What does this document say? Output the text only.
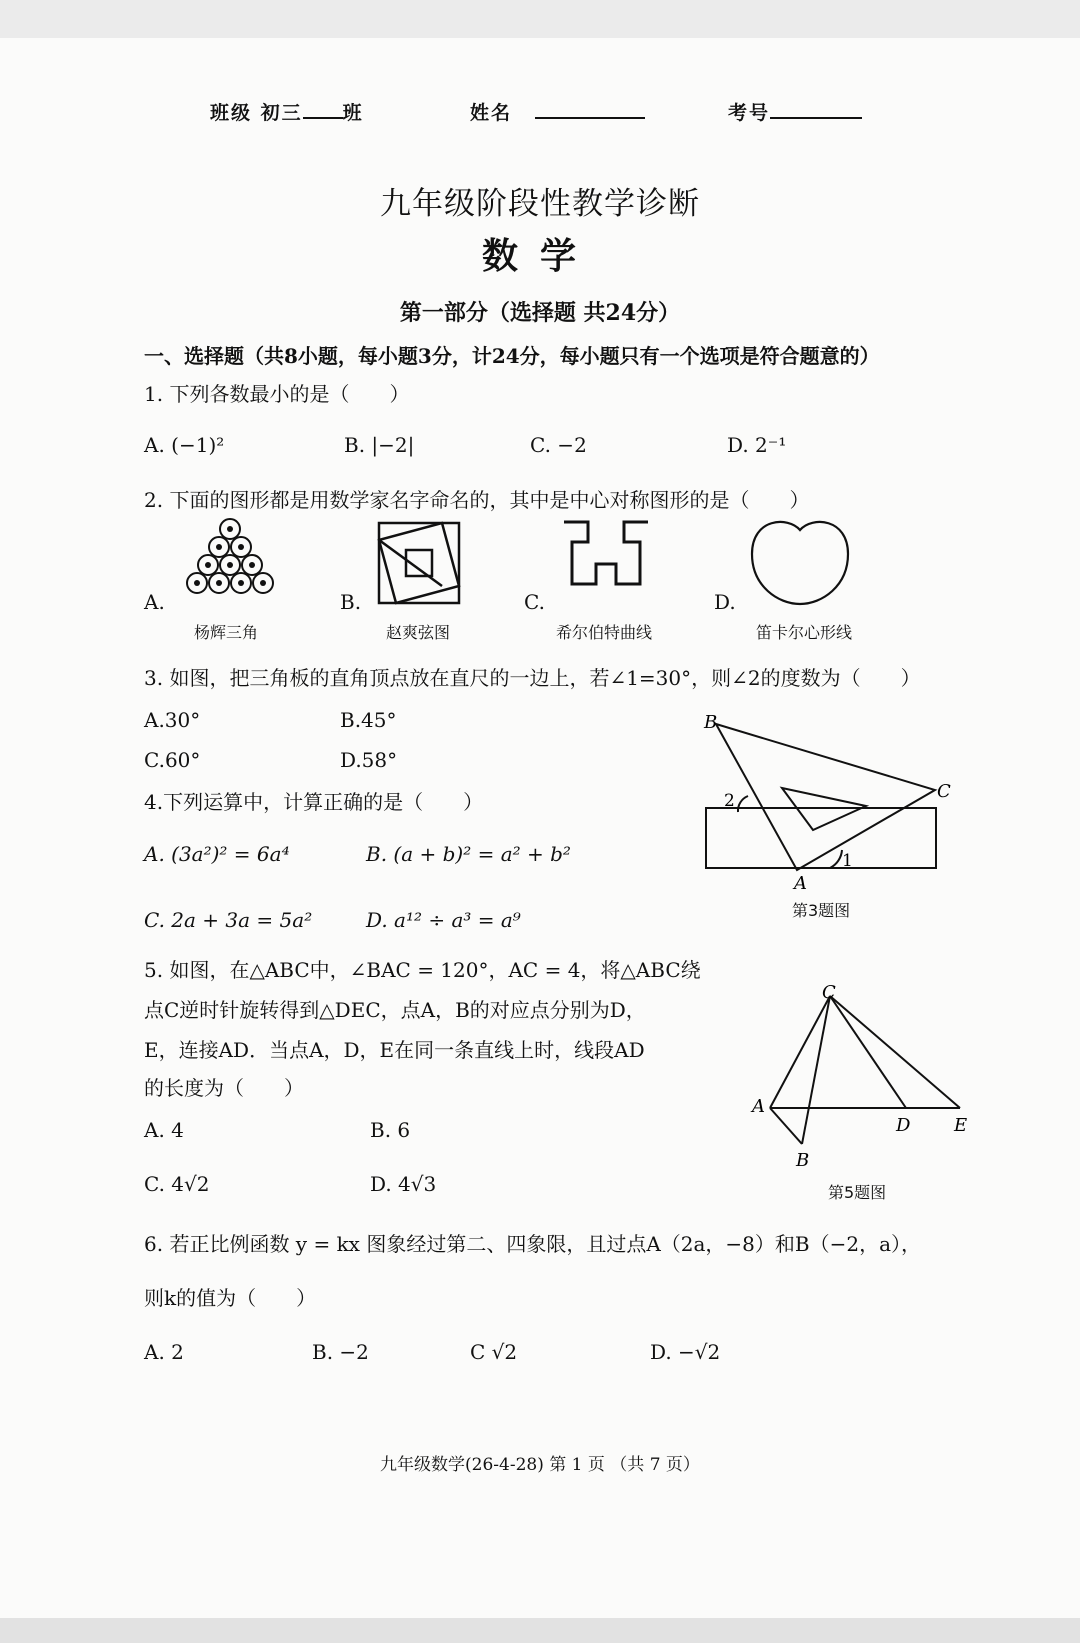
班级 初三 班	姓名	考号
九年级阶段性教学诊断
数学
第一部分（选择题 共24分）
一、选择题（共8小题，每小题3分，计24分，每小题只有一个选项是符合题意的）
1. 下列各数最小的是（　　）
A. (−1)²	B. |−2|	C. −2	D. 2⁻¹
2. 下面的图形都是用数学家名字命名的，其中是中心对称图形的是（　　）
A.	B.	C.	D.
杨辉三角	赵爽弦图	希尔伯特曲线	笛卡尔心形线
3. 如图，把三角板的直角顶点放在直尺的一边上，若∠1=30°，则∠2的度数为（　　）
A.30°	B.45°
C.60°	D.58°
B
C
A
1
2
第3题图
4.下列运算中，计算正确的是（　　）
A. (3a²)² = 6a⁴	B. (a + b)² = a² + b²
C. 2a + 3a = 5a²	D. a¹² ÷ a³ = a⁹
5. 如图，在△ABC中，∠BAC = 120°，AC = 4，将△ABC绕
点C逆时针旋转得到△DEC，点A，B的对应点分别为D，
E，连接AD．当点A，D，E在同一条直线上时，线段AD
的长度为（　　）
A. 4	B. 6
C. 4√2	D. 4√3
C
A
B
D E
第5题图
6. 若正比例函数 y = kx 图象经过第二、四象限，且过点A（2a，−8）和B（−2，a），
则k的值为（　　）
A. 2	B. −2	C √2	D. −√2
九年级数学(26-4-28) 第 1 页 （共 7 页）
